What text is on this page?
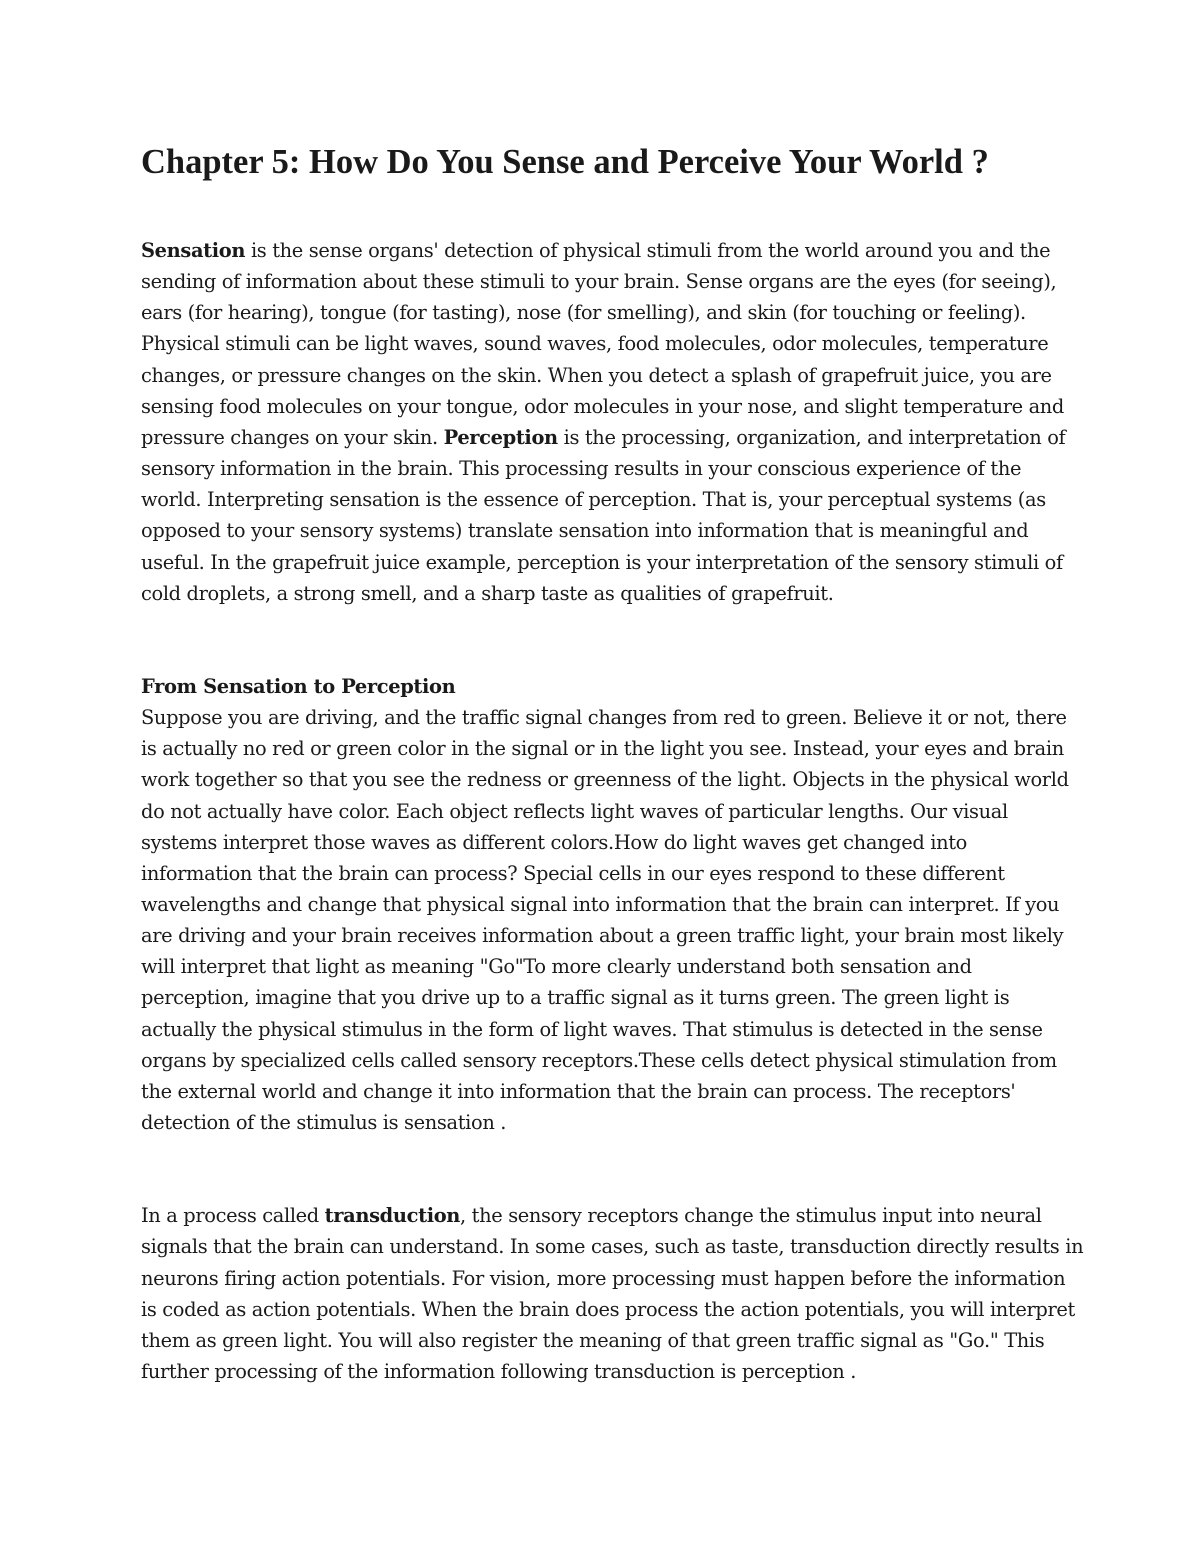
Chapter 5: How Do You Sense and Perceive Your World ?

Sensation is the sense organs' detection of physical stimuli from the world around you and the
sending of information about these stimuli to your brain. Sense organs are the eyes (for seeing),
ears (for hearing), tongue (for tasting), nose (for smelling), and skin (for touching or feeling).
Physical stimuli can be light waves, sound waves, food molecules, odor molecules, temperature
changes, or pressure changes on the skin. When you detect a splash of grapefruit juice, you are
sensing food molecules on your tongue, odor molecules in your nose, and slight temperature and
pressure changes on your skin. Perception is the processing, organization, and interpretation of
sensory information in the brain. This processing results in your conscious experience of the
world. Interpreting sensation is the essence of perception. That is, your perceptual systems (as
opposed to your sensory systems) translate sensation into information that is meaningful and
useful. In the grapefruit juice example, perception is your interpretation of the sensory stimuli of
cold droplets, a strong smell, and a sharp taste as qualities of grapefruit.

From Sensation to Perception

Suppose you are driving, and the traffic signal changes from red to green. Believe it or not, there
is actually no red or green color in the signal or in the light you see. Instead, your eyes and brain
work together so that you see the redness or greenness of the light. Objects in the physical world
do not actually have color. Each object reflects light waves of particular lengths. Our visual
systems interpret those waves as different colors.How do light waves get changed into
information that the brain can process? Special cells in our eyes respond to these different
wavelengths and change that physical signal into information that the brain can interpret. If you
are driving and your brain receives information about a green traffic light, your brain most likely
will interpret that light as meaning "Go"To more clearly understand both sensation and
perception, imagine that you drive up to a traffic signal as it turns green. The green light is
actually the physical stimulus in the form of light waves. That stimulus is detected in the sense
organs by specialized cells called sensory receptors.These cells detect physical stimulation from
the external world and change it into information that the brain can process. The receptors'
detection of the stimulus is sensation .

In a process called transduction, the sensory receptors change the stimulus input into neural
signals that the brain can understand. In some cases, such as taste, transduction directly results in
neurons firing action potentials. For vision, more processing must happen before the information
is coded as action potentials. When the brain does process the action potentials, you will interpret
them as green light. You will also register the meaning of that green traffic signal as "Go." This
further processing of the information following transduction is perception .
